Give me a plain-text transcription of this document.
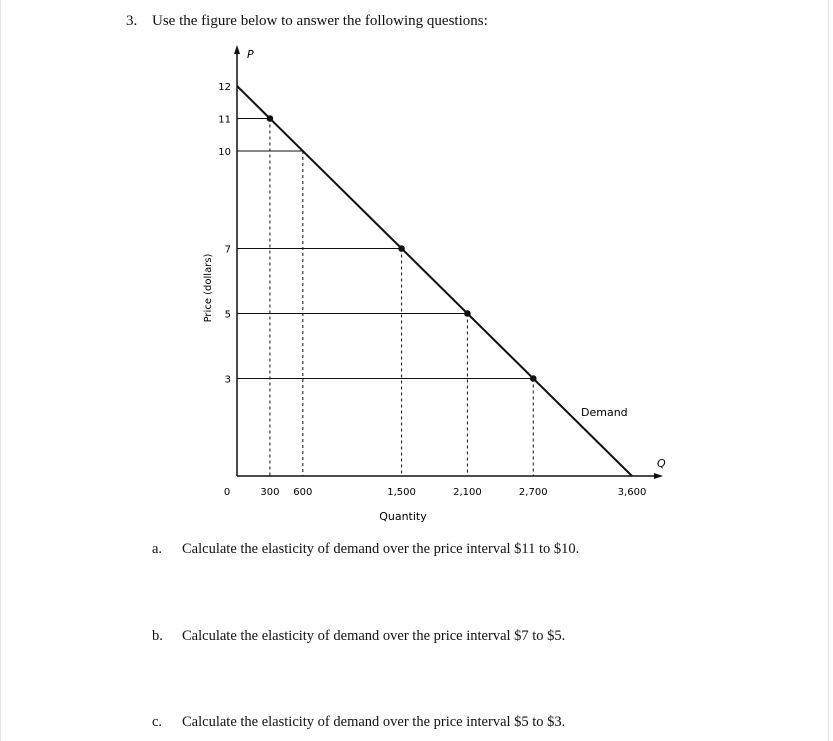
3. Use the figure below to answer the following questions:
P
Q
Price (dollars)
Quantity
12
11
10
7
5
3
0	300 600	1,500	2,100	2,700	3,600
Demand
a.	Calculate the elasticity of demand over the price interval $11 to $10.
b.	Calculate the elasticity of demand over the price interval $7 to $5.
c.	Calculate the elasticity of demand over the price interval $5 to $3.
